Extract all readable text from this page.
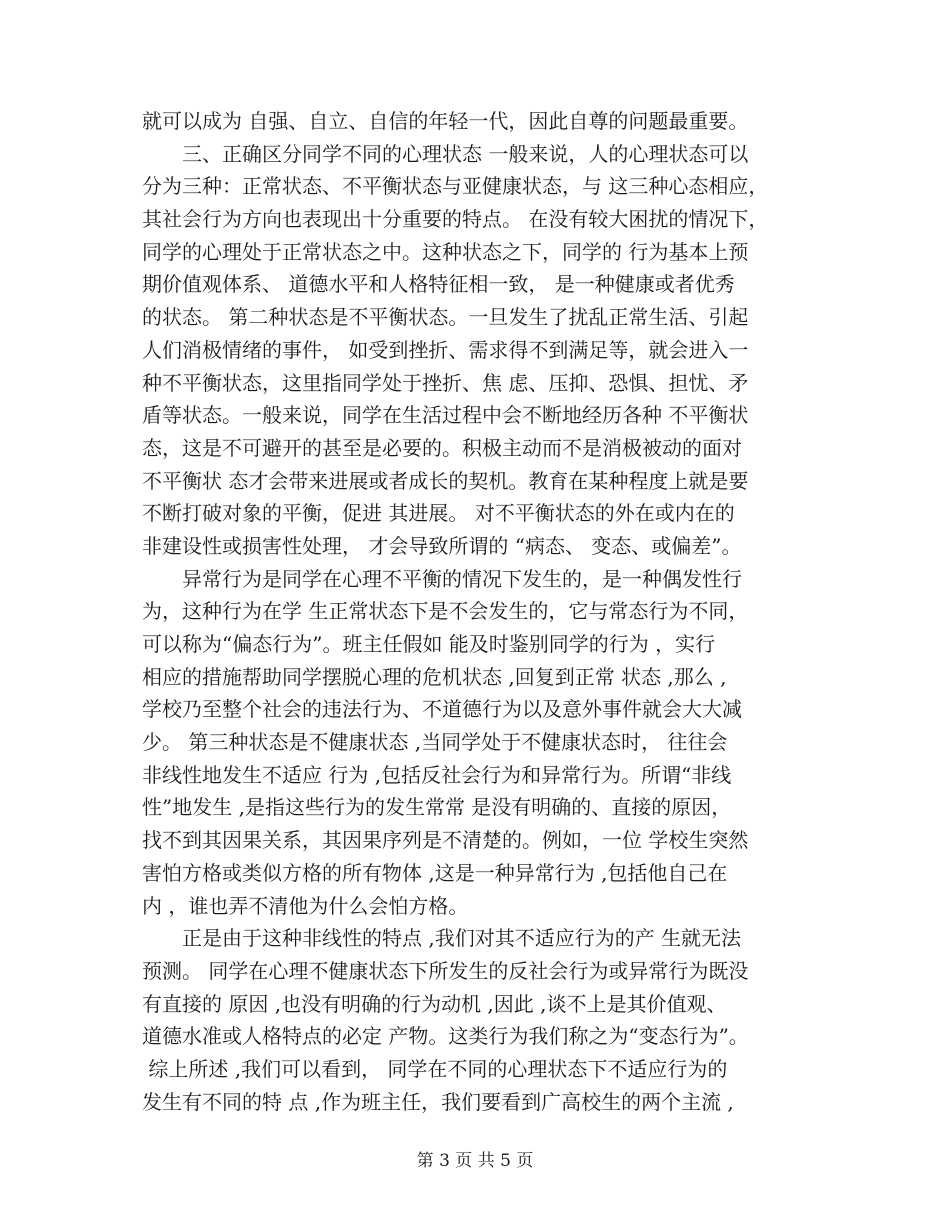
就可以成为 自强、自立、自信的年轻一代，因此自尊的问题最重要。
　　三、正确区分同学不同的心理状态 一般来说，人的心理状态可以
分为三种：正常状态、不平衡状态与亚健康状态，与 这三种心态相应，
其社会行为方向也表现出十分重要的特点。 在没有较大困扰的情况下，
同学的心理处于正常状态之中。这种状态之下，同学的 行为基本上预
期价值观体系、 道德水平和人格特征相一致， 是一种健康或者优秀
的状态。 第二种状态是不平衡状态。一旦发生了扰乱正常生活、引起
人们消极情绪的事件， 如受到挫折、需求得不到满足等，就会进入一
种不平衡状态，这里指同学处于挫折、焦 虑、压抑、恐惧、担忧、矛
盾等状态。一般来说，同学在生活过程中会不断地经历各种 不平衡状
态，这是不可避开的甚至是必要的。积极主动而不是消极被动的面对
不平衡状 态才会带来进展或者成长的契机。教育在某种程度上就是要
不断打破对象的平衡，促进 其进展。 对不平衡状态的外在或内在的
非建设性或损害性处理， 才会导致所谓的 “病态、 变态、或偏差”。
　　异常行为是同学在心理不平衡的情况下发生的，是一种偶发性行
为，这种行为在学 生正常状态下是不会发生的，它与常态行为不同，
可以称为“偏态行为”。班主任假如 能及时鉴别同学的行为 ，实行
相应的措施帮助同学摆脱心理的危机状态 ,回复到正常 状态 ,那么 ,
学校乃至整个社会的违法行为、不道德行为以及意外事件就会大大减
少。 第三种状态是不健康状态 ,当同学处于不健康状态时， 往往会
非线性地发生不适应 行为 ,包括反社会行为和异常行为。所谓“非线
性”地发生 ,是指这些行为的发生常常 是没有明确的、直接的原因，
找不到其因果关系，其因果序列是不清楚的。例如，一位 学校生突然
害怕方格或类似方格的所有物体 ,这是一种异常行为 ,包括他自己在
内 ，谁也弄不清他为什么会怕方格。
　　正是由于这种非线性的特点 ,我们对其不适应行为的产 生就无法
预测。 同学在心理不健康状态下所发生的反社会行为或异常行为既没
有直接的 原因 ,也没有明确的行为动机 ,因此 ,谈不上是其价值观、
道德水准或人格特点的必定 产物。这类行为我们称之为“变态行为”。
综上所述 ,我们可以看到， 同学在不同的心理状态下不适应行为的
发生有不同的特 点 ,作为班主任，我们要看到广高校生的两个主流 ,
第 3 页 共 5 页
